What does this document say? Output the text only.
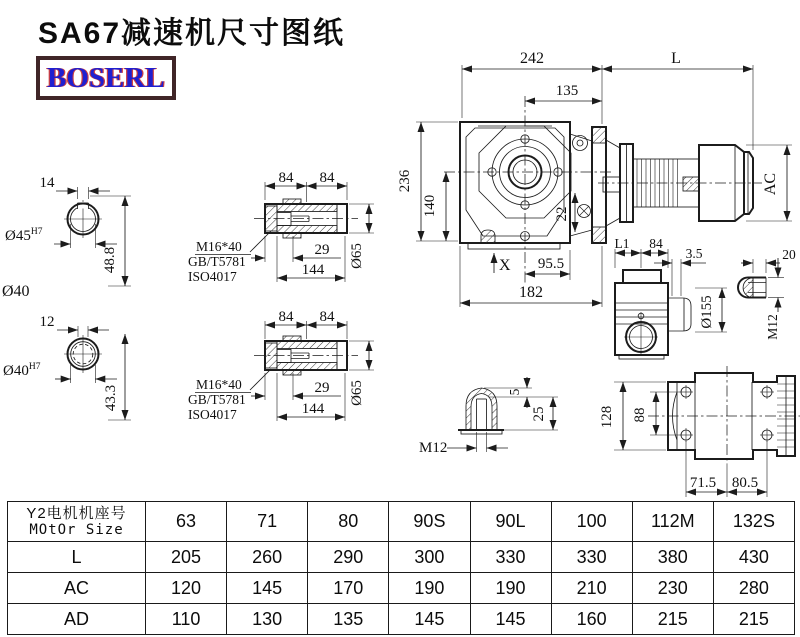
SA67减速机尺寸图纸
BOSERL
14
$Ø45^{H7}$
48.8
Ø40
12
$Ø40^{H7}$
43.3
84 84
29
144
Ø65
M16*40
GB/T5781
ISO4017
84 84
29
144
Ø65
M16*40
GB/T5781
ISO4017
22
AC
242	L
135
236
140
X 95.5
182
L1 84
Ø155
3.5	20
M12
5
25
M12
128 88
71.5 80.5
Y2电机机座号
MOtOr Size	63	71	80	90S	90L	100	112M	132S
L	205	260	290	300	330	330	380	430
AC	120	145	170	190	190	210	230	280
AD	110	130	135	145	145	160	215	215
